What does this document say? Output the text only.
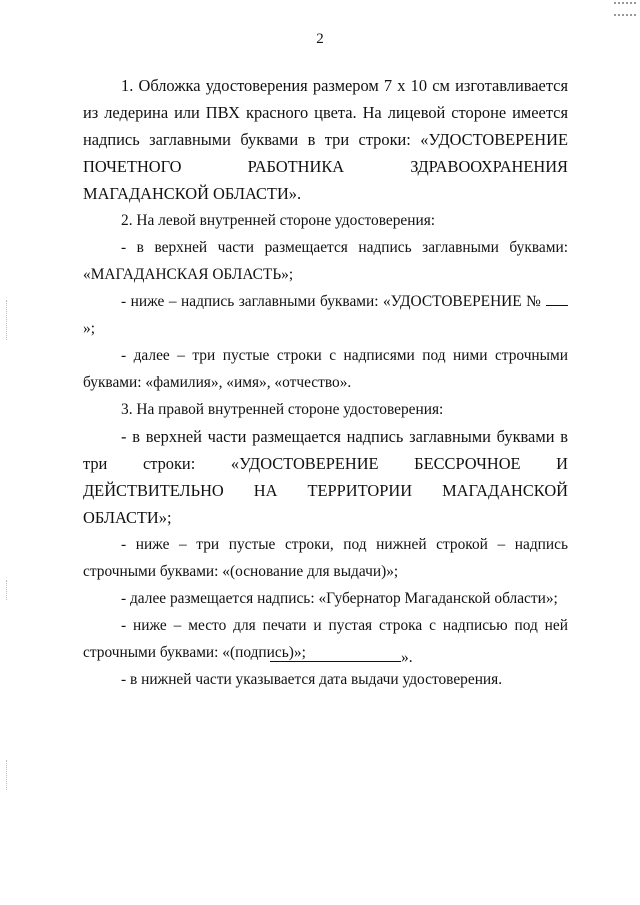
2

1. Обложка удостоверения размером 7 х 10 см изготавливается из ледерина или ПВХ красного цвета. На лицевой стороне имеется надпись заглавными буквами в три строки: «УДОСТОВЕРЕНИЕ ПОЧЕТНОГО РАБОТНИКА ЗДРАВООХРАНЕНИЯ МАГАДАНСКОЙ ОБЛАСТИ».

2. На левой внутренней стороне удостоверения:

- в верхней части размещается надпись заглавными буквами: «МАГАДАНСКАЯ ОБЛАСТЬ»;

- ниже – надпись заглавными буквами: «УДОСТОВЕРЕНИЕ № »;

- далее – три пустые строки с надписями под ними строчными буквами: «фамилия», «имя», «отчество».

3. На правой внутренней стороне удостоверения:

- в верхней части размещается надпись заглавными буквами в три строки: «УДОСТОВЕРЕНИЕ БЕССРОЧНОЕ И ДЕЙСТВИТЕЛЬНО НА ТЕРРИТОРИИ МАГАДАНСКОЙ ОБЛАСТИ»;

- ниже – три пустые строки, под нижней строкой – надпись строчными буквами: «(основание для выдачи)»;

- далее размещается надпись: «Губернатор Магаданской области»;

- ниже – место для печати и пустая строка с надписью под ней строчными буквами: «(подпись)»;

- в нижней части указывается дата выдачи удостоверения.

».
